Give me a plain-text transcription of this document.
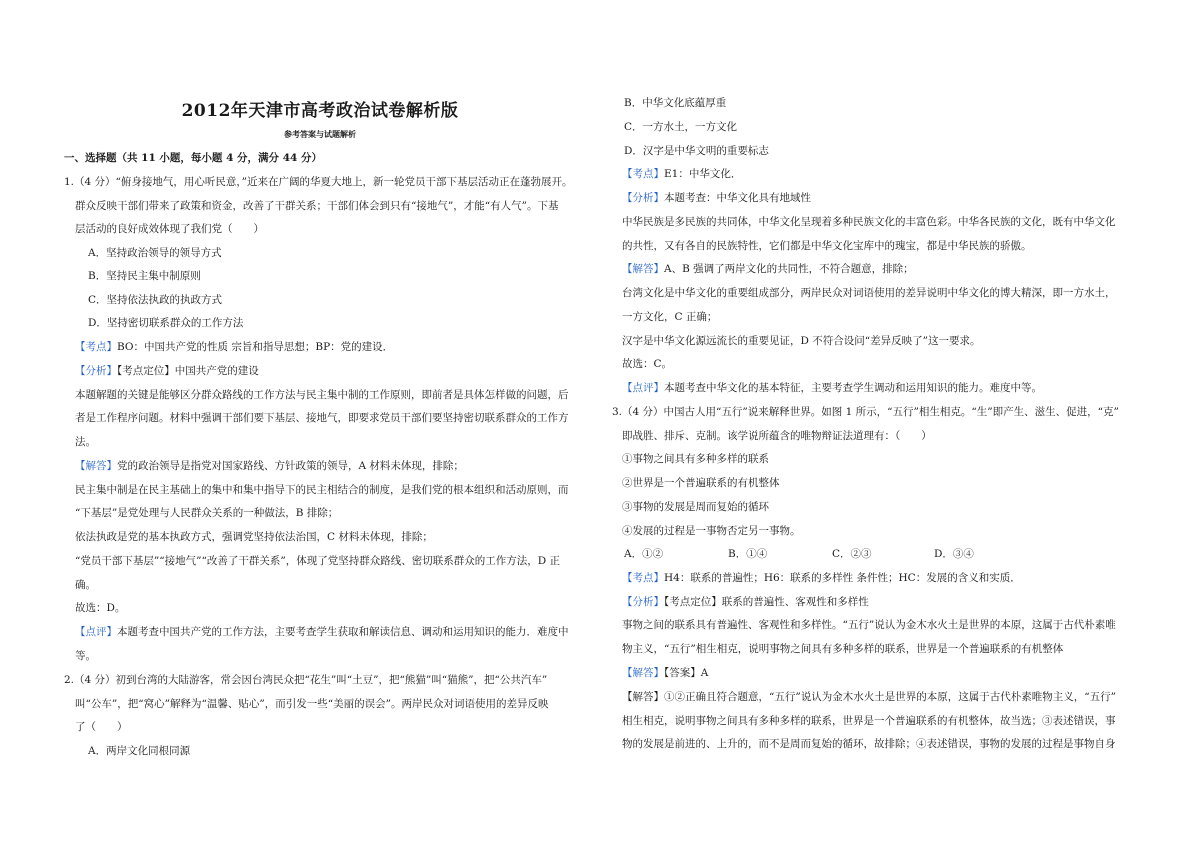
2012年天津市高考政治试卷解析版
参考答案与试题解析
一、选择题（共 11 小题，每小题 4 分，满分 44 分）
1.（4 分）“俯身接地气，用心听民意，”近来在广阔的华夏大地上，新一轮党员干部下基层活动正在蓬勃展开。
群众反映干部们带来了政策和资金，改善了干群关系；干部们体会到只有“接地气”，才能“有人气”。下基
层活动的良好成效体现了我们党（　　）
A．坚持政治领导的领导方式
B．坚持民主集中制原则
C．坚持依法执政的执政方式
D．坚持密切联系群众的工作方法
【考点】BO：中国共产党的性质 宗旨和指导思想；BP：党的建设．
【分析】【考点定位】中国共产党的建设
本题解题的关键是能够区分群众路线的工作方法与民主集中制的工作原则，即前者是具体怎样做的问题，后
者是工作程序问题。材料中强调干部们要下基层、接地气，即要求党员干部们要坚持密切联系群众的工作方
法。
【解答】党的政治领导是指党对国家路线、方针政策的领导，A 材料未体现，排除；
民主集中制是在民主基础上的集中和集中指导下的民主相结合的制度，是我们党的根本组织和活动原则，而
“下基层”是党处理与人民群众关系的一种做法，B 排除；
依法执政是党的基本执政方式，强调党坚持依法治国，C 材料未体现，排除；
“党员干部下基层”“接地气”“改善了干群关系”，体现了党坚持群众路线、密切联系群众的工作方法，D 正
确。
故选：D。
【点评】本题考查中国共产党的工作方法，主要考查学生获取和解读信息、调动和运用知识的能力．难度中
等。
2.（4 分）初到台湾的大陆游客，常会因台湾民众把“花生”叫“土豆”，把“熊猫”叫“猫熊”，把“公共汽车”
叫“公车”，把“窝心”解释为“温馨、贴心”，而引发一些“美丽的误会”。两岸民众对词语使用的差异反映
了（　　）
A．两岸文化同根同源
B．中华文化底蕴厚重
C．一方水土，一方文化
D．汉字是中华文明的重要标志
【考点】E1：中华文化．
【分析】本题考查：中华文化具有地域性
中华民族是多民族的共同体，中华文化呈现着多种民族文化的丰富色彩。中华各民族的文化，既有中华文化
的共性，又有各自的民族特性，它们都是中华文化宝库中的瑰宝，都是中华民族的骄傲。
【解答】A、B 强调了两岸文化的共同性，不符合题意，排除；
台湾文化是中华文化的重要组成部分，两岸民众对词语使用的差异说明中华文化的博大精深，即一方水土，
一方文化，C 正确；
汉字是中华文化源远流长的重要见证，D 不符合设问“差异反映了”这一要求。
故选：C。
【点评】本题考查中华文化的基本特征，主要考查学生调动和运用知识的能力。难度中等。
3.（4 分）中国古人用“五行”说来解释世界。如图 1 所示，“五行”相生相克。“生”即产生、滋生、促进，“克”
即战胜、排斥、克制。该学说所蕴含的唯物辩证法道理有：（　　）
①事物之间具有多种多样的联系
②世界是一个普遍联系的有机整体
③事物的发展是周而复始的循环
④发展的过程是一事物否定另一事物。
A．①②	B．①④	C．②③	D．③④
【考点】H4：联系的普遍性；H6：联系的多样性 条件性；HC：发展的含义和实质．
【分析】【考点定位】联系的普遍性、客观性和多样性
事物之间的联系具有普遍性、客观性和多样性。“五行”说认为金木水火土是世界的本原，这属于古代朴素唯
物主义，“五行”相生相克，说明事物之间具有多种多样的联系，世界是一个普遍联系的有机整体
【解答】【答案】A
【解答】①②正确且符合题意，“五行”说认为金木水火土是世界的本原，这属于古代朴素唯物主义，“五行”
相生相克，说明事物之间具有多种多样的联系，世界是一个普遍联系的有机整体，故当选；③表述错误，事
物的发展是前进的、上升的，而不是周而复始的循环，故排除；④表述错误，事物的发展的过程是事物自身
